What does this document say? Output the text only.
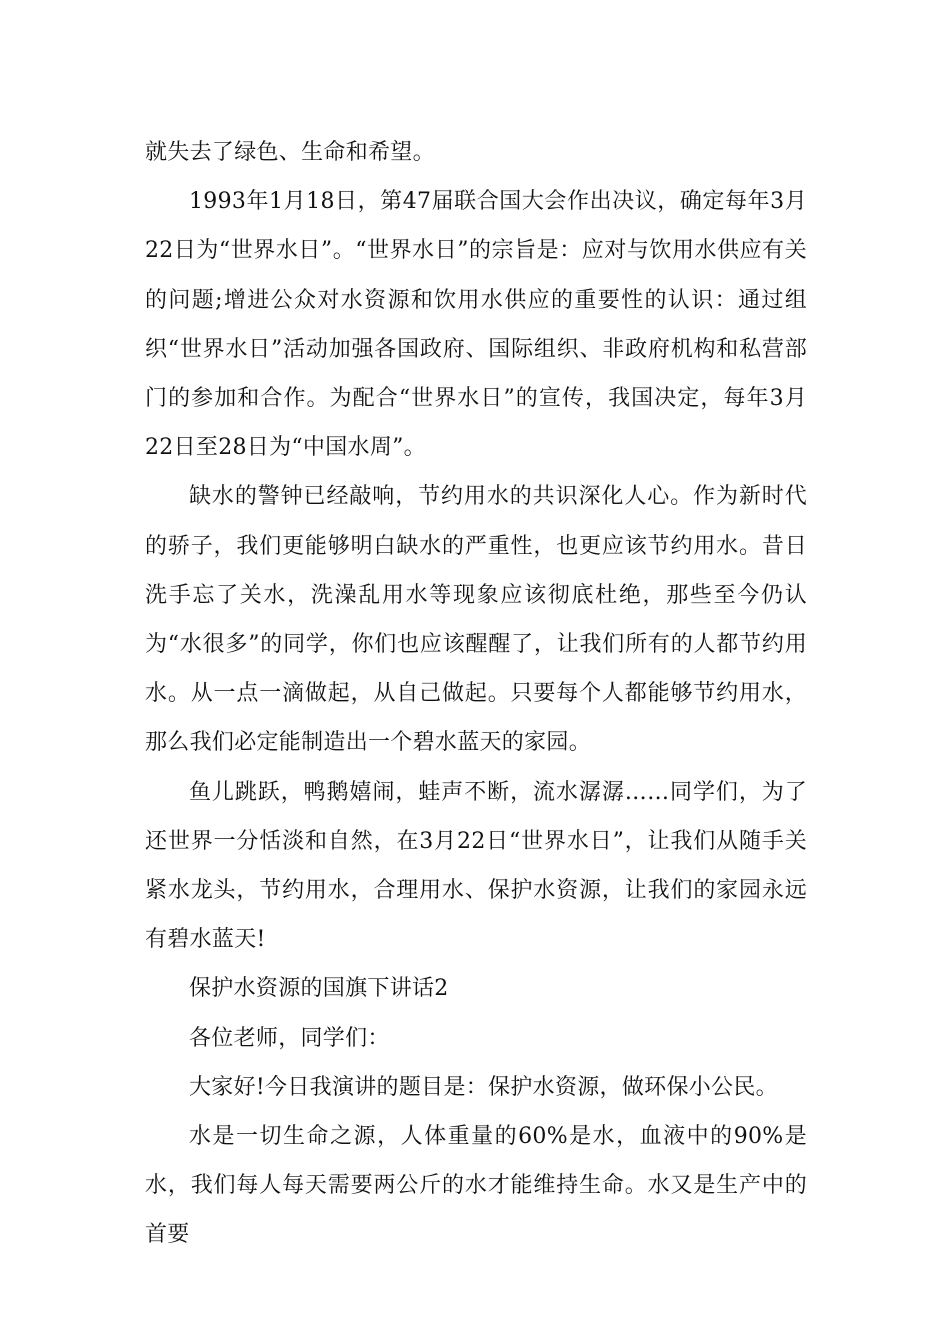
就失去了绿色、生命和希望。

1993年1月18日，第47届联合国大会作出决议，确定每年3月22日为“世界水日”。“世界水日”的宗旨是：应对与饮用水供应有关的问题;增进公众对水资源和饮用水供应的重要性的认识：通过组织“世界水日”活动加强各国政府、国际组织、非政府机构和私营部门的参加和合作。为配合“世界水日”的宣传，我国决定，每年3月22日至28日为“中国水周”。

缺水的警钟已经敲响，节约用水的共识深化人心。作为新时代的骄子，我们更能够明白缺水的严重性，也更应该节约用水。昔日洗手忘了关水，洗澡乱用水等现象应该彻底杜绝，那些至今仍认为“水很多”的同学，你们也应该醒醒了，让我们所有的人都节约用水。从一点一滴做起，从自己做起。只要每个人都能够节约用水，那么我们必定能制造出一个碧水蓝天的家园。

鱼儿跳跃，鸭鹅嬉闹，蛙声不断，流水潺潺……同学们，为了还世界一分恬淡和自然，在3月22日“世界水日”，让我们从随手关紧水龙头，节约用水，合理用水、保护水资源，让我们的家园永远有碧水蓝天!

保护水资源的国旗下讲话2

各位老师，同学们：

大家好!今日我演讲的题目是：保护水资源，做环保小公民。

水是一切生命之源，人体重量的60%是水，血液中的90%是水，我们每人每天需要两公斤的水才能维持生命。水又是生产中的首要
